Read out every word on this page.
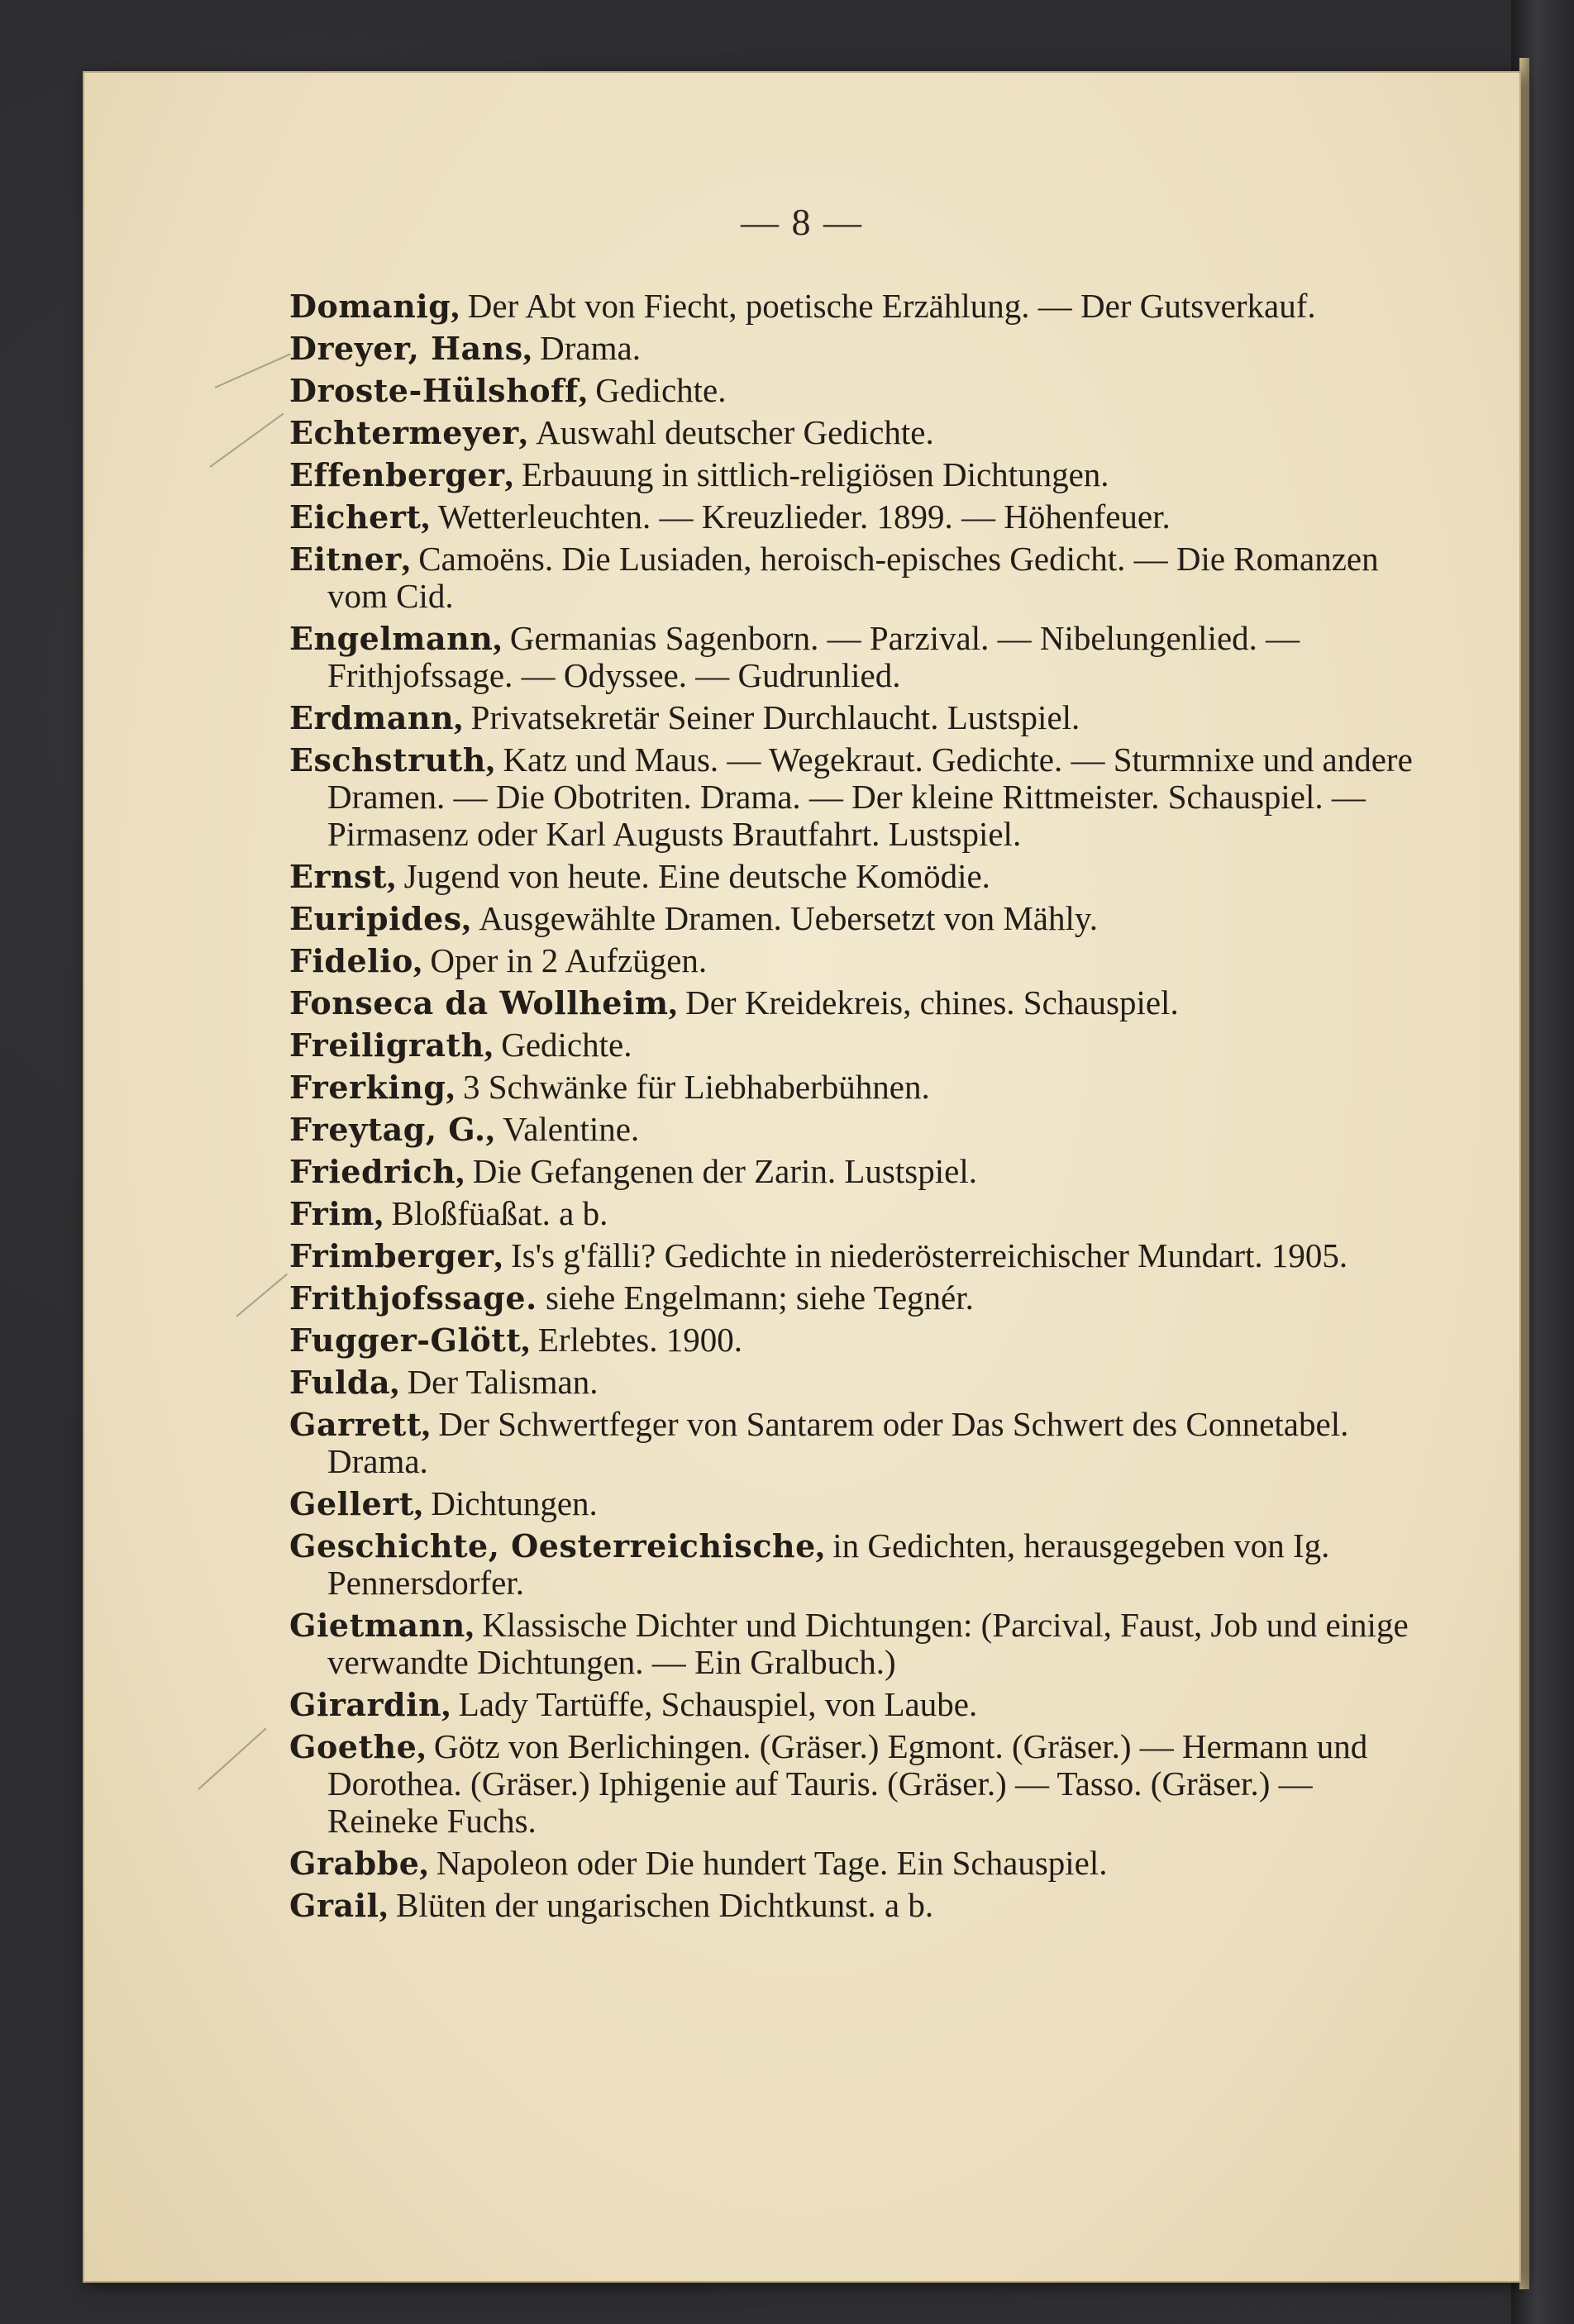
— 8 —

Domanig, Der Abt von Fiecht, poetische Erzählung. — Der Gutsverkauf.

Dreyer, Hans, Drama.

Droste-Hülshoff, Gedichte.

Echtermeyer, Auswahl deutscher Gedichte.

Effenberger, Erbauung in sittlich-religiösen Dichtungen.

Eichert, Wetterleuchten. — Kreuzlieder. 1899. — Höhenfeuer.

Eitner, Camoëns. Die Lusiaden, heroisch-episches Gedicht. — Die Romanzen vom Cid.

Engelmann, Germanias Sagenborn. — Parzival. — Nibelungenlied. — Frithjofssage. — Odyssee. — Gudrunlied.

Erdmann, Privatsekretär Seiner Durchlaucht. Lustspiel.

Eschstruth, Katz und Maus. — Wegekraut. Gedichte. — Sturmnixe und andere Dramen. — Die Obotriten. Drama. — Der kleine Rittmeister. Schauspiel. — Pirmasenz oder Karl Augusts Brautfahrt. Lustspiel.

Ernst, Jugend von heute. Eine deutsche Komödie.

Euripides, Ausgewählte Dramen. Uebersetzt von Mähly.

Fidelio, Oper in 2 Aufzügen.

Fonseca da Wollheim, Der Kreidekreis, chines. Schauspiel.

Freiligrath, Gedichte.

Frerking, 3 Schwänke für Liebhaberbühnen.

Freytag, G., Valentine.

Friedrich, Die Gefangenen der Zarin. Lustspiel.

Frim, Bloßfüaßat. a b.

Frimberger, Is's g'fälli? Gedichte in niederösterreichischer Mundart. 1905.

Frithjofssage. siehe Engelmann; siehe Tegnér.

Fugger-Glött, Erlebtes. 1900.

Fulda, Der Talisman.

Garrett, Der Schwertfeger von Santarem oder Das Schwert des Connetabel. Drama.

Gellert, Dichtungen.

Geschichte, Oesterreichische, in Gedichten, herausgegeben von Ig. Pennersdorfer.

Gietmann, Klassische Dichter und Dichtungen: (Parcival, Faust, Job und einige verwandte Dichtungen. — Ein Gralbuch.)

Girardin, Lady Tartüffe, Schauspiel, von Laube.

Goethe, Götz von Berlichingen. (Gräser.) Egmont. (Gräser.) — Hermann und Dorothea. (Gräser.) Iphigenie auf Tauris. (Gräser.) — Tasso. (Gräser.) — Reineke Fuchs.

Grabbe, Napoleon oder Die hundert Tage. Ein Schauspiel.

Grail, Blüten der ungarischen Dichtkunst. a b.
